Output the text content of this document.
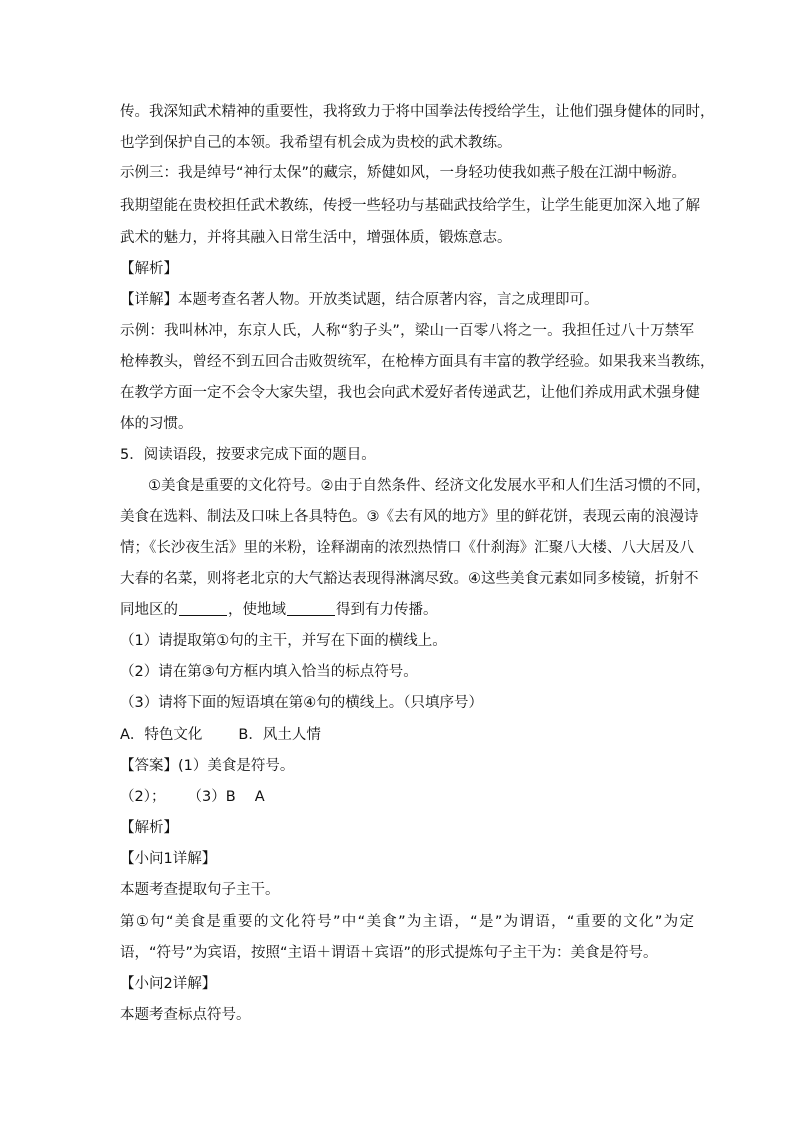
传。我深知武术精神的重要性，我将致力于将中国拳法传授给学生，让他们强身健体的同时，
也学到保护自己的本领。我希望有机会成为贵校的武术教练。
示例三：我是绰号“神行太保”的藏宗，矫健如风，一身轻功使我如燕子般在江湖中畅游。
我期望能在贵校担任武术教练，传授一些轻功与基础武技给学生，让学生能更加深入地了解
武术的魅力，并将其融入日常生活中，增强体质，锻炼意志。
【解析】
【详解】本题考查名著人物。开放类试题，结合原著内容，言之成理即可。
示例：我叫林冲，东京人氏，人称“豹子头”，梁山一百零八将之一。我担任过八十万禁军
枪棒教头，曾经不到五回合击败贺统军，在枪棒方面具有丰富的教学经验。如果我来当教练，
在教学方面一定不会令大家失望，我也会向武术爱好者传递武艺，让他们养成用武术强身健
体的习惯。
5．阅读语段，按要求完成下面的题目。
①美食是重要的文化符号。②由于自然条件、经济文化发展水平和人们生活习惯的不同，
美食在选料、制法及口味上各具特色。③《去有风的地方》里的鲜花饼，表现云南的浪漫诗
情；《长沙夜生活》里的米粉，诠释湖南的浓烈热情口《什刹海》汇聚八大楼、八大居及八
大春的名菜，则将老北京的大气豁达表现得淋漓尽致。④这些美食元素如同多棱镜，折射不
同地区的	，使地域	得到有力传播。
（1）请提取第①句的主干，并写在下面的横线上。
（2）请在第③句方框内填入恰当的标点符号。
（3）请将下面的短语填在第④句的横线上。（只填序号）
A．特色文化 B．风土人情
【答案】(1）美食是符号。
（2）； （3）B　 A
【解析】
【小问1详解】
本题考查提取句子主干。
第①句“美食是重要的文化符号”中“美食”为主语，“是”为谓语，“重要的文化”为定
语，“符号”为宾语，按照“主语＋谓语＋宾语”的形式提炼句子主干为：美食是符号。
【小问2详解】
本题考查标点符号。
